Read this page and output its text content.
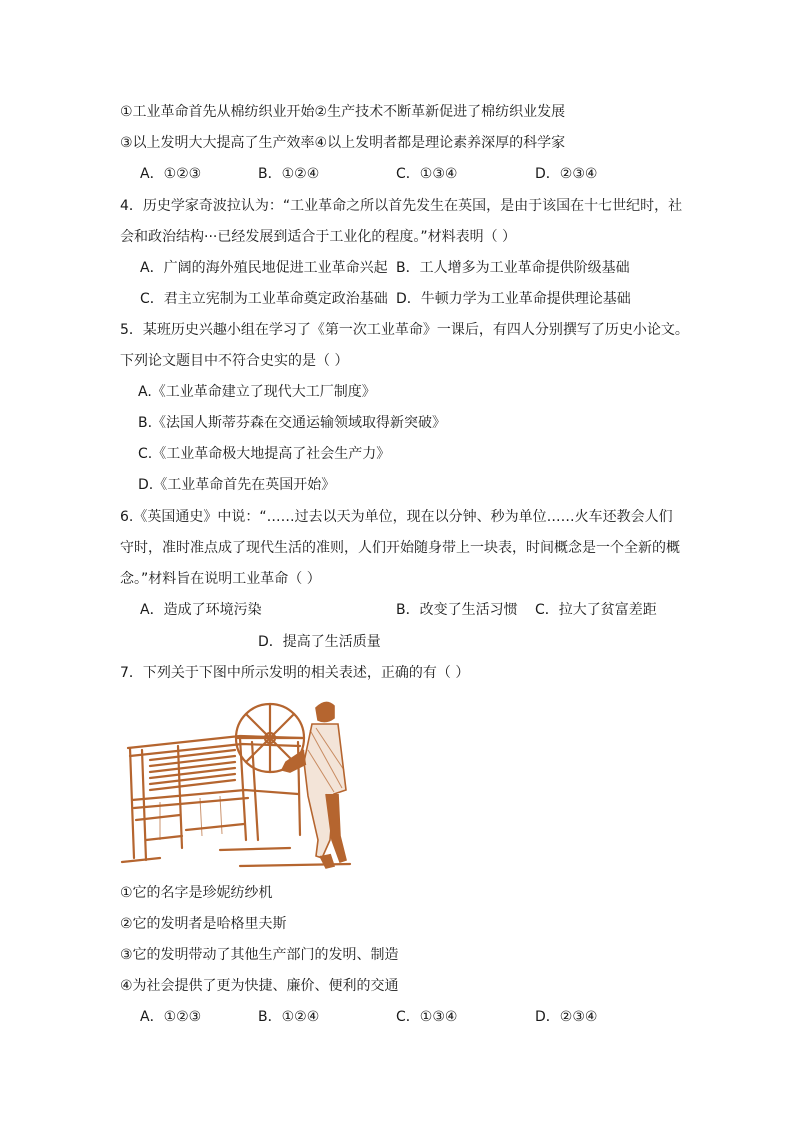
①工业革命首先从棉纺织业开始②生产技术不断革新促进了棉纺织业发展
③以上发明大大提高了生产效率④以上发明者都是理论素养深厚的科学家
A．①②③	B．①②④	C．①③④	D．②③④
4．历史学家奇波拉认为：“工业革命之所以首先发生在英国，是由于该国在十七世纪时，社
会和政治结构···已经发展到适合于工业化的程度。”材料表明（ ）
A．广阔的海外殖民地促进工业革命兴起 B．工人增多为工业革命提供阶级基础
C．君主立宪制为工业革命奠定政治基础 D．牛顿力学为工业革命提供理论基础
5．某班历史兴趣小组在学习了《第一次工业革命》一课后，有四人分别撰写了历史小论文。
下列论文题目中不符合史实的是（ ）
A.《工业革命建立了现代大工厂制度》
B.《法国人斯蒂芬森在交通运输领域取得新突破》
C.《工业革命极大地提高了社会生产力》
D.《工业革命首先在英国开始》
6.《英国通史》中说：“……过去以天为单位，现在以分钟、秒为单位……火车还教会人们
守时，准时准点成了现代生活的准则，人们开始随身带上一块表，时间概念是一个全新的概
念。”材料旨在说明工业革命（ ）
A．造成了环境污染	B．改变了生活习惯 C．拉大了贫富差距
D．提高了生活质量
7．下列关于下图中所示发明的相关表述，正确的有（ ）
①它的名字是珍妮纺纱机
②它的发明者是哈格里夫斯
③它的发明带动了其他生产部门的发明、制造
④为社会提供了更为快捷、廉价、便利的交通
A．①②③	B．①②④	C．①③④	D．②③④
